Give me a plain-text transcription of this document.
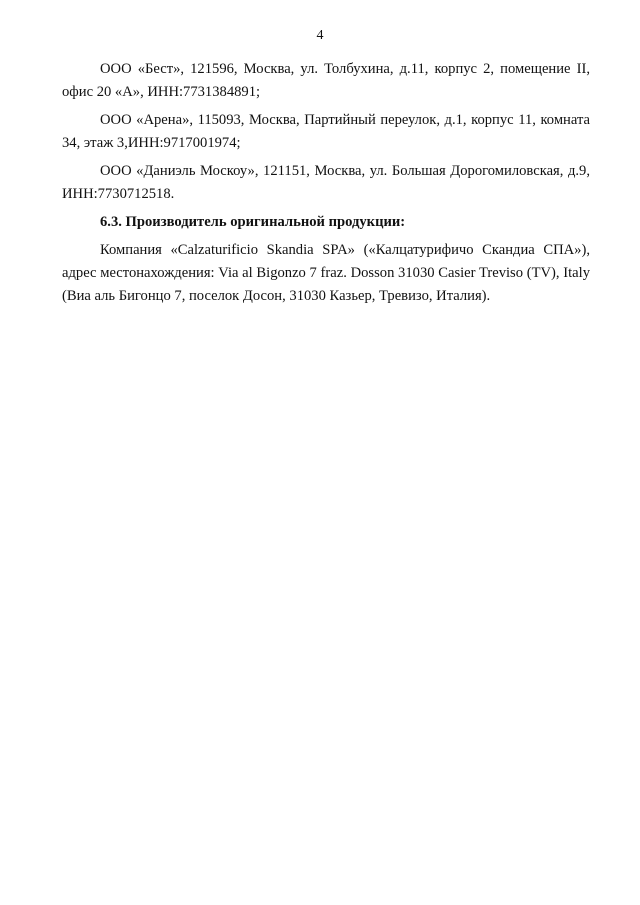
4

ООО «Бест», 121596, Москва, ул. Толбухина, д.11, корпус 2, помещение II, офис 20 «А», ИНН:7731384891;

ООО «Арена», 115093, Москва, Партийный переулок, д.1, корпус 11, комната 34, этаж 3,ИНН:9717001974;

ООО «Даниэль Москоу», 121151, Москва, ул. Большая Дорогомиловская, д.9, ИНН:7730712518.

6.3. Производитель оригинальной продукции:

Компания «Calzaturificio Skandia SPA» («Калцатурифичо Скандиа СПА»), адрес местонахождения: Via al Bigonzo 7 fraz. Dosson 31030 Casier Treviso (TV), Italy (Виа аль Бигонцо 7, поселок Досон, 31030 Казьер, Тревизо, Италия).
